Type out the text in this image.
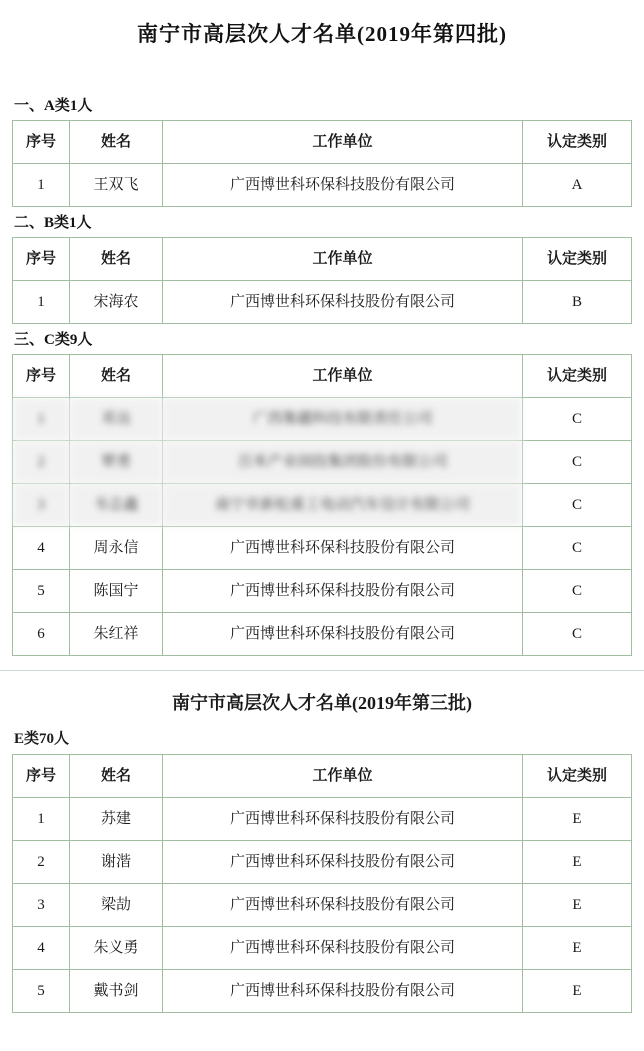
南宁市高层次人才名单(2019年第四批)
一、A类1人
序号	姓名	工作单位	认定类别
1	王双飞	广西博世科环保科技股份有限公司	A
二、B类1人
序号	姓名	工作单位	认定类别
1	宋海农	广西博世科环保科技股份有限公司	B
三、C类9人
序号	姓名	工作单位	认定类别
1	邓良	广西集疆科技有限责任公司	C
2	覃勇	百米产业园投集团股份有限公司	C
3	韦志鑫	南宁市新松重工电动汽车设计有限公司	C
4	周永信	广西博世科环保科技股份有限公司	C
5	陈国宁	广西博世科环保科技股份有限公司	C
6	朱红祥	广西博世科环保科技股份有限公司	C
南宁市高层次人才名单(2019年第三批)
E类70人
序号	姓名	工作单位	认定类别
1	苏建	广西博世科环保科技股份有限公司	E
2	谢湝	广西博世科环保科技股份有限公司	E
3	梁劼	广西博世科环保科技股份有限公司	E
4	朱义勇	广西博世科环保科技股份有限公司	E
5	戴书剑	广西博世科环保科技股份有限公司	E
